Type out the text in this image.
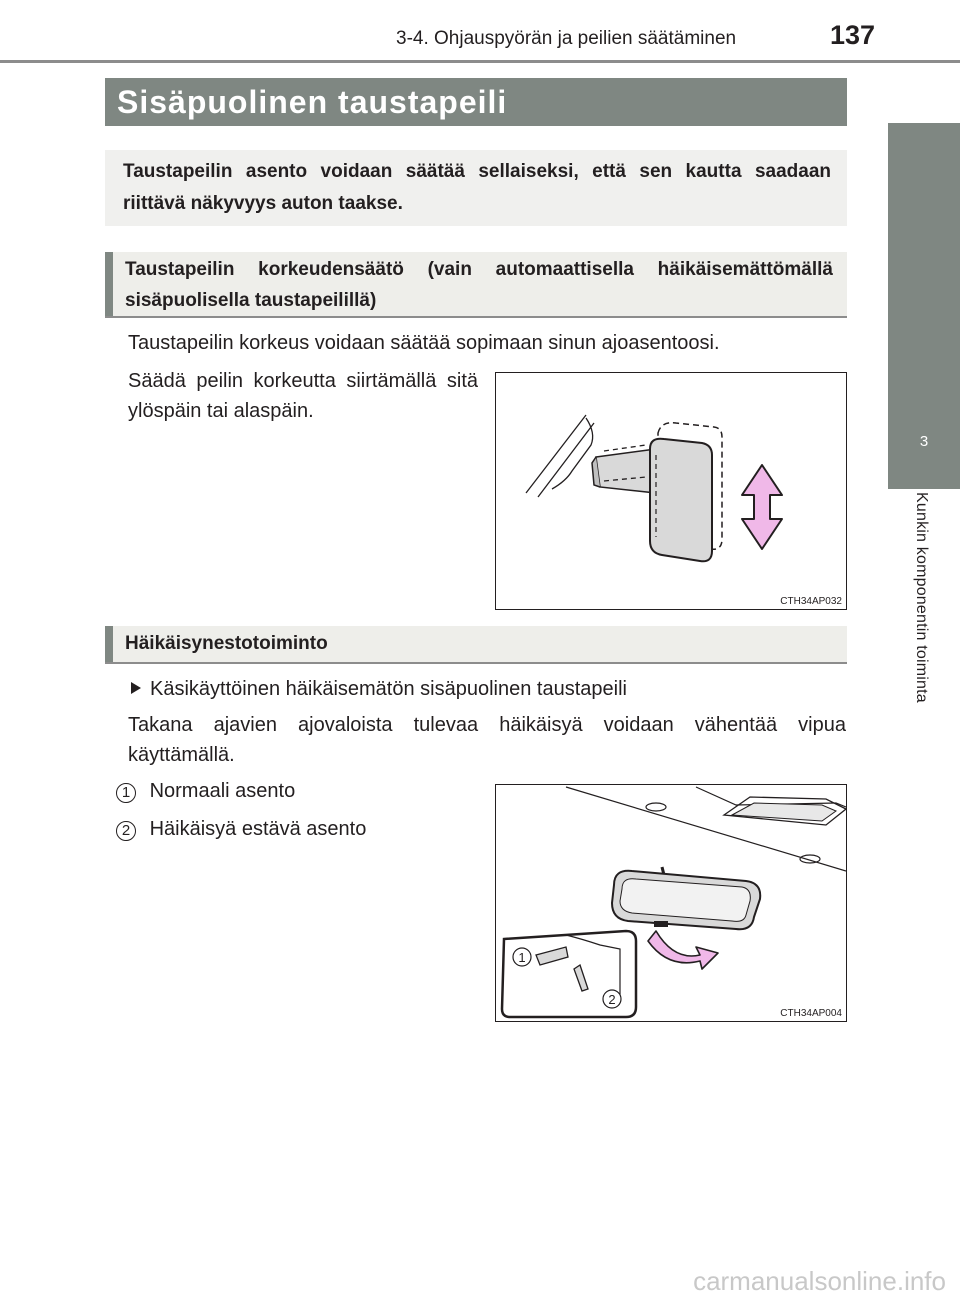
3-4. Ohjauspyörän ja peilien säätäminen	137
3
Kunkin komponentin toiminta
Sisäpuolinen taustapeili

Taustapeilin asento voidaan säätää sellaiseksi, että sen kautta saadaan riittävä näkyvyys auton taakse.

Taustapeilin korkeudensäätö (vain automaattisella häikäisemättömällä sisäpuolisella taustapeilillä)

Taustapeilin korkeus voidaan säätää sopimaan sinun ajoasentoosi.
Säädä peilin korkeutta siirtämällä sitä ylöspäin tai alaspäin.
CTH34AP032

Häikäisynestotoiminto

Käsikäyttöinen häikäisemätön sisäpuolinen taustapeili
Takana ajavien ajovaloista tulevaa häikäisyä voidaan vähentää vipua käyttämällä.
1 Normaali asento
2 Häikäisyä estävä asento
1
2
CTH34AP004
carmanualsonline.info
